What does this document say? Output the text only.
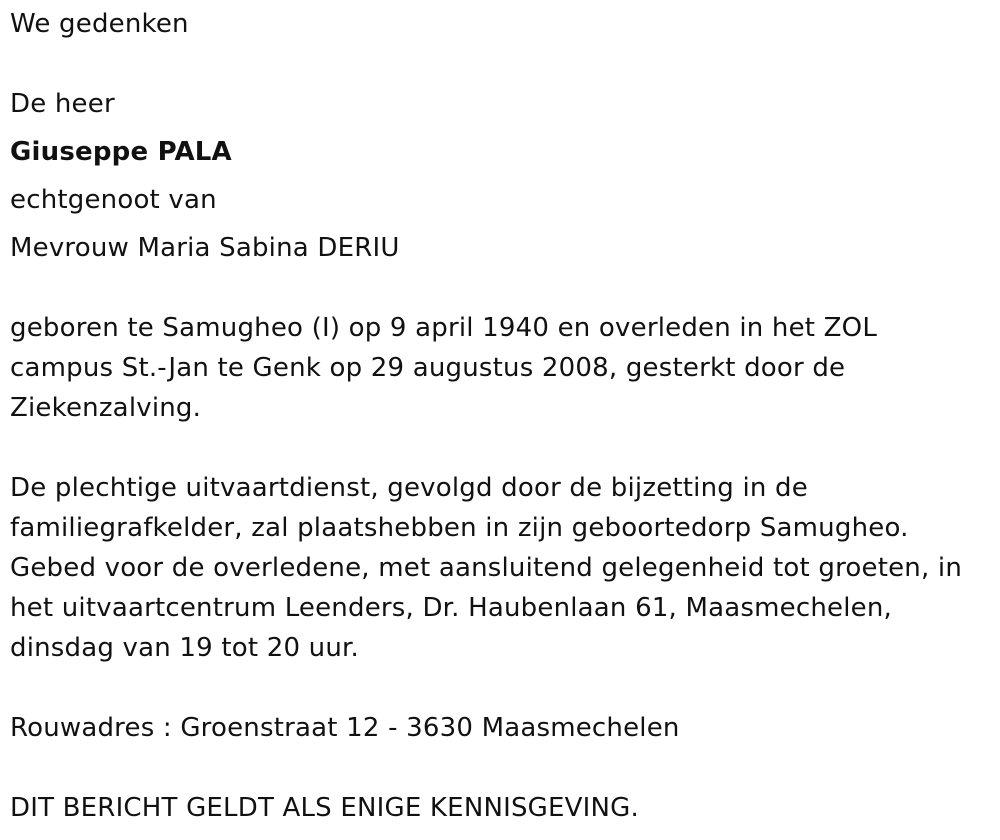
We gedenken

De heer

Giuseppe PALA

echtgenoot van

Mevrouw Maria Sabina DERIU

geboren te Samugheo (I) op 9 april 1940 en overleden in het ZOL
campus St.-Jan te Genk op 29 augustus 2008, gesterkt door de
Ziekenzalving.

De plechtige uitvaartdienst, gevolgd door de bijzetting in de
familiegrafkelder, zal plaatshebben in zijn geboortedorp Samugheo.
Gebed voor de overledene, met aansluitend gelegenheid tot groeten, in
het uitvaartcentrum Leenders, Dr. Haubenlaan 61, Maasmechelen,
dinsdag van 19 tot 20 uur.

Rouwadres : Groenstraat 12 - 3630 Maasmechelen

DIT BERICHT GELDT ALS ENIGE KENNISGEVING.
